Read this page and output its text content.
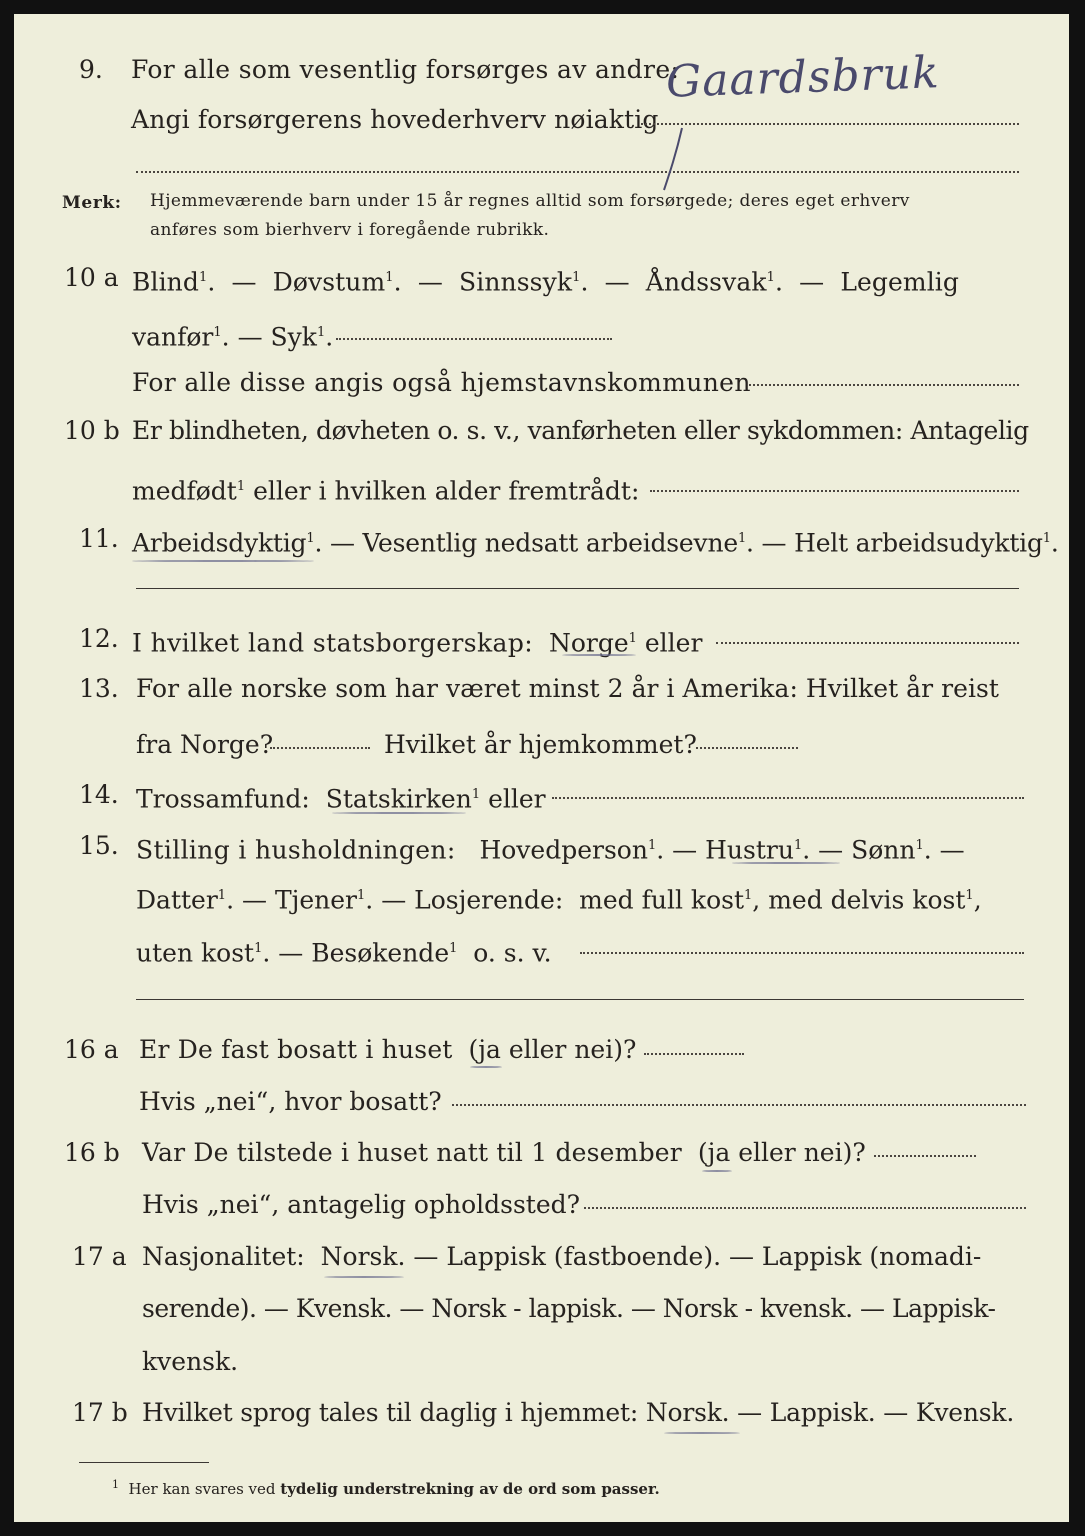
9. For alle som vesentlig forsørges av andre:
Angi forsørgerens hovederhverv nøiaktig
Gaardsbruk
Merk: Hjemmeværende barn under 15 år regnes alltid som forsørgede; deres eget erhverv
anføres som bierhverv i foregående rubrikk.
10 a Blind$^1$.  — Døvstum$^1$.  — Sinnssyk$^1$.  — Åndssvak$^1$.  — Legemlig
vanfør$^1$. — Syk$^1$.
For alle disse angis også hjemstavnskommunen
10 b Er blindheten, døvheten o. s. v., vanførheten eller sykdommen: Antagelig
medfødt$^1$ eller i hvilken alder fremtrådt:
11. Arbeidsdyktig$^1$. — Vesentlig nedsatt arbeidsevne$^1$. — Helt arbeidsudyktig$^1$.
12. I hvilket land statsborgerskap: Norge$^1$ eller
13. For alle norske som har været minst 2 år i Amerika: Hvilket år reist
fra Norge?	Hvilket år hjemkommet?
14. Trossamfund: Statskirken$^1$ eller
15. Stilling i husholdningen: Hovedperson$^1$. — Hustru$^1$. — Sønn$^1$. —
Datter$^1$. — Tjener$^1$. — Losjerende: med full kost$^1$, med delvis kost$^1$,
uten kost$^1$. — Besøkende$^1$ o. s. v.
16 a Er De fast bosatt i huset (ja eller nei)?
Hvis „nei“, hvor bosatt?
16 b Var De tilstede i huset natt til 1 desember (ja eller nei)?
Hvis „nei“, antagelig opholdssted?
17 a Nasjonalitet: Norsk. — Lappisk (fastboende). — Lappisk (nomadi-
serende). — Kvensk. — Norsk - lappisk. — Norsk - kvensk. — Lappisk-
kvensk.
17 b Hvilket sprog tales til daglig i hjemmet: Norsk. — Lappisk. — Kvensk.
$^1$ Her kan svares ved tydelig understrekning av de ord som passer.
